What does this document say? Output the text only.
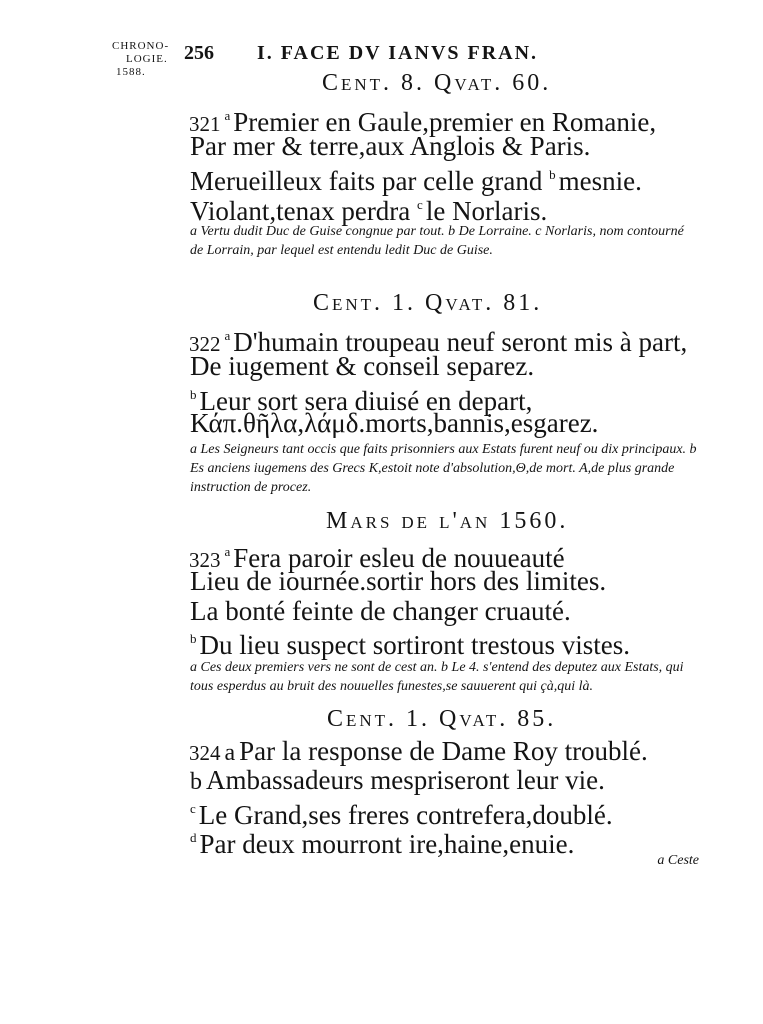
CHRONO-
LOGIE.
1588.
256 I. FACE DV IANVS FRAN.
Cent. 8. Qvat. 60.
321 $^a$ Premier en Gaule,premier en Romanie,
Par mer & terre,aux Anglois & Paris.
Merueilleux faits par celle grand $^b$ mesnie.
Violant,tenax perdra $^c$ le Norlaris.
a Vertu dudit Duc de Guise congnue par tout. b De Lorraine. c Norlaris, nom contourné de Lorrain, par lequel est entendu ledit Duc de Guise.
Cent. 1. Qvat. 81.
322 $^a$ D'humain troupeau neuf seront mis à part,
De iugement & conseil separez.
$^b$ Leur sort sera diuisé en depart,
Κάπ.θῆλα,λάμδ.morts,bannis,esgarez.
a Les Seigneurs tant occis que faits prisonniers aux Estats furent neuf ou dix principaux. b Es anciens iugemens des Grecs K,estoit note d'absolution,Θ,de mort. A,de plus grande instruction de procez.
Mars de l'an 1560.
323 $^a$ Fera paroir esleu de nouueauté
Lieu de iournée.sortir hors des limites.
La bonté feinte de changer cruauté.
$^b$ Du lieu suspect sortiront trestous vistes.
a Ces deux premiers vers ne sont de cest an. b Le 4. s'entend des deputez aux Estats, qui tous esperdus au bruit des nouuelles funestes,se sauuerent qui çà,qui là.
Cent. 1. Qvat. 85.
324 a Par la response de Dame Roy troublé.
b Ambassadeurs mespriseront leur vie.
$^c$ Le Grand,ses freres contrefera,doublé.
$^d$ Par deux mourront ire,haine,enuie.
a Ceste
